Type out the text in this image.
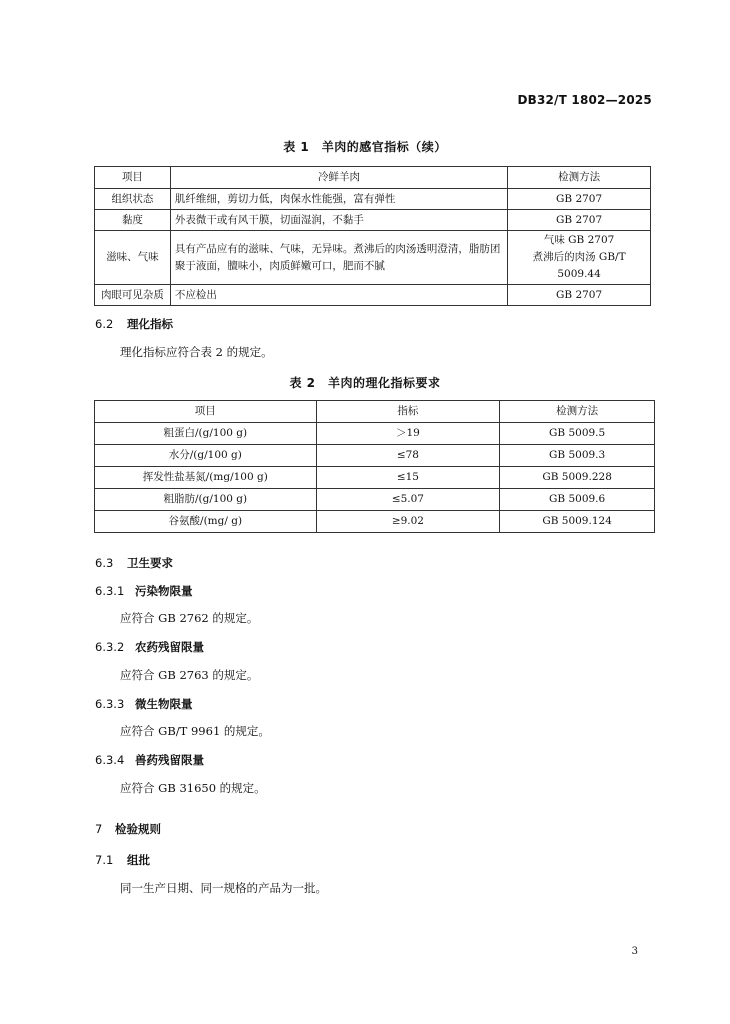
DB32/T 1802—2025
表 1　羊肉的感官指标（续）
项目	冷鲜羊肉	检测方法
组织状态	肌纤维细，剪切力低，肉保水性能强，富有弹性	GB 2707
黏度	外表微干或有风干膜，切面湿润，不黏手	GB 2707
滋味、气味	具有产品应有的滋味、气味，无异味。煮沸后的肉汤透明澄清，脂肪团聚于液面，膻味小，肉质鲜嫩可口，肥而不腻	气味 GB 2707
煮沸后的肉汤 GB/T 5009.44

肉眼可见杂质	不应检出	GB 2707
6.2 理化指标
理化指标应符合表 2 的规定。
表 2　羊肉的理化指标要求
项目	指标	检测方法
粗蛋白/(g/100 g)	＞19	GB 5009.5
水分/(g/100 g)	≤78	GB 5009.3
挥发性盐基氮/(mg/100 g)	≤15	GB 5009.228
粗脂肪/(g/100 g)	≤5.07	GB 5009.6
谷氨酸/(mg/ g)	≥9.02	GB 5009.124
6.3 卫生要求
6.3.1 污染物限量
应符合 GB 2762 的规定。
6.3.2 农药残留限量
应符合 GB 2763 的规定。
6.3.3 微生物限量
应符合 GB/T 9961 的规定。
6.3.4 兽药残留限量
应符合 GB 31650 的规定。
7 检验规则
7.1 组批
同一生产日期、同一规格的产品为一批。
3
